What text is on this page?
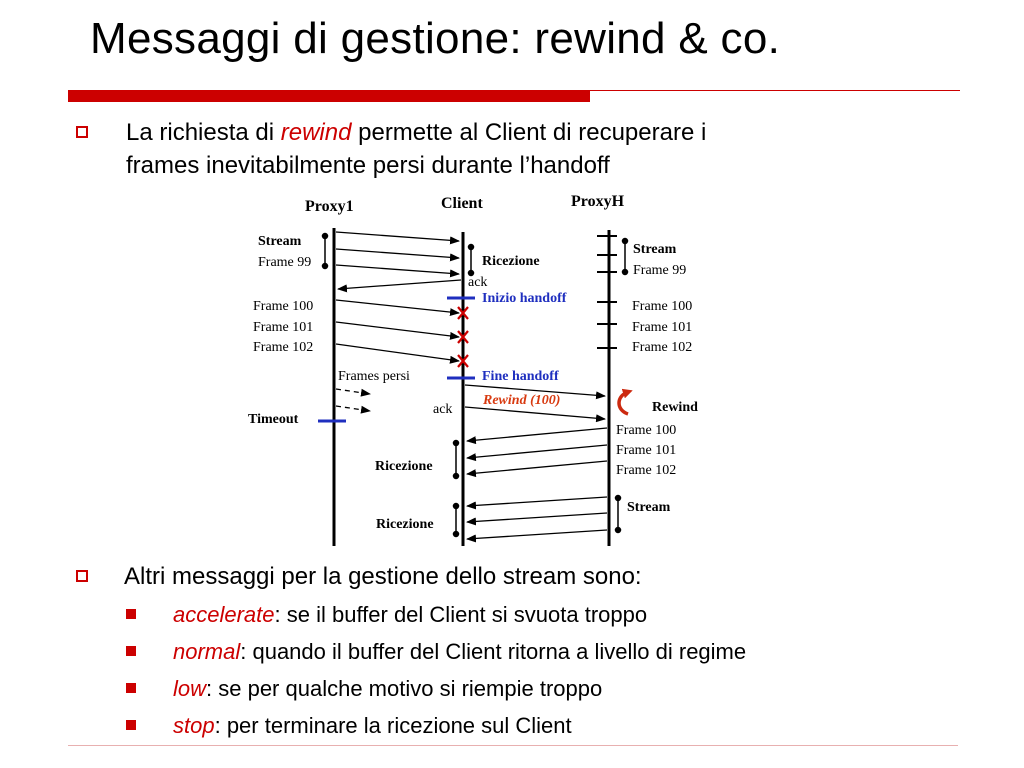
Messaggi di gestione: rewind & co.
La richiesta di rewind permette al Client di recuperare i
frames inevitabilmente persi durante l’handoff
Proxy1	Client	ProxyH
Stream
Frame 99
Frame 100
Frame 101
Frame 102
Frames persi
Timeout
Ricezione
ack
Inizio handoff
Fine handoff
Rewind (100)
ack
Ricezione
Ricezione
Stream
Frame 99
Frame 100
Frame 101
Frame 102
Rewind
Frame 100
Frame 101
Frame 102
Stream
Altri messaggi per la gestione dello stream sono:
accelerate: se il buffer del Client si svuota troppo
normal: quando il buffer del Client ritorna a livello di regime
low: se per qualche motivo si riempie troppo
stop: per terminare la ricezione sul Client
